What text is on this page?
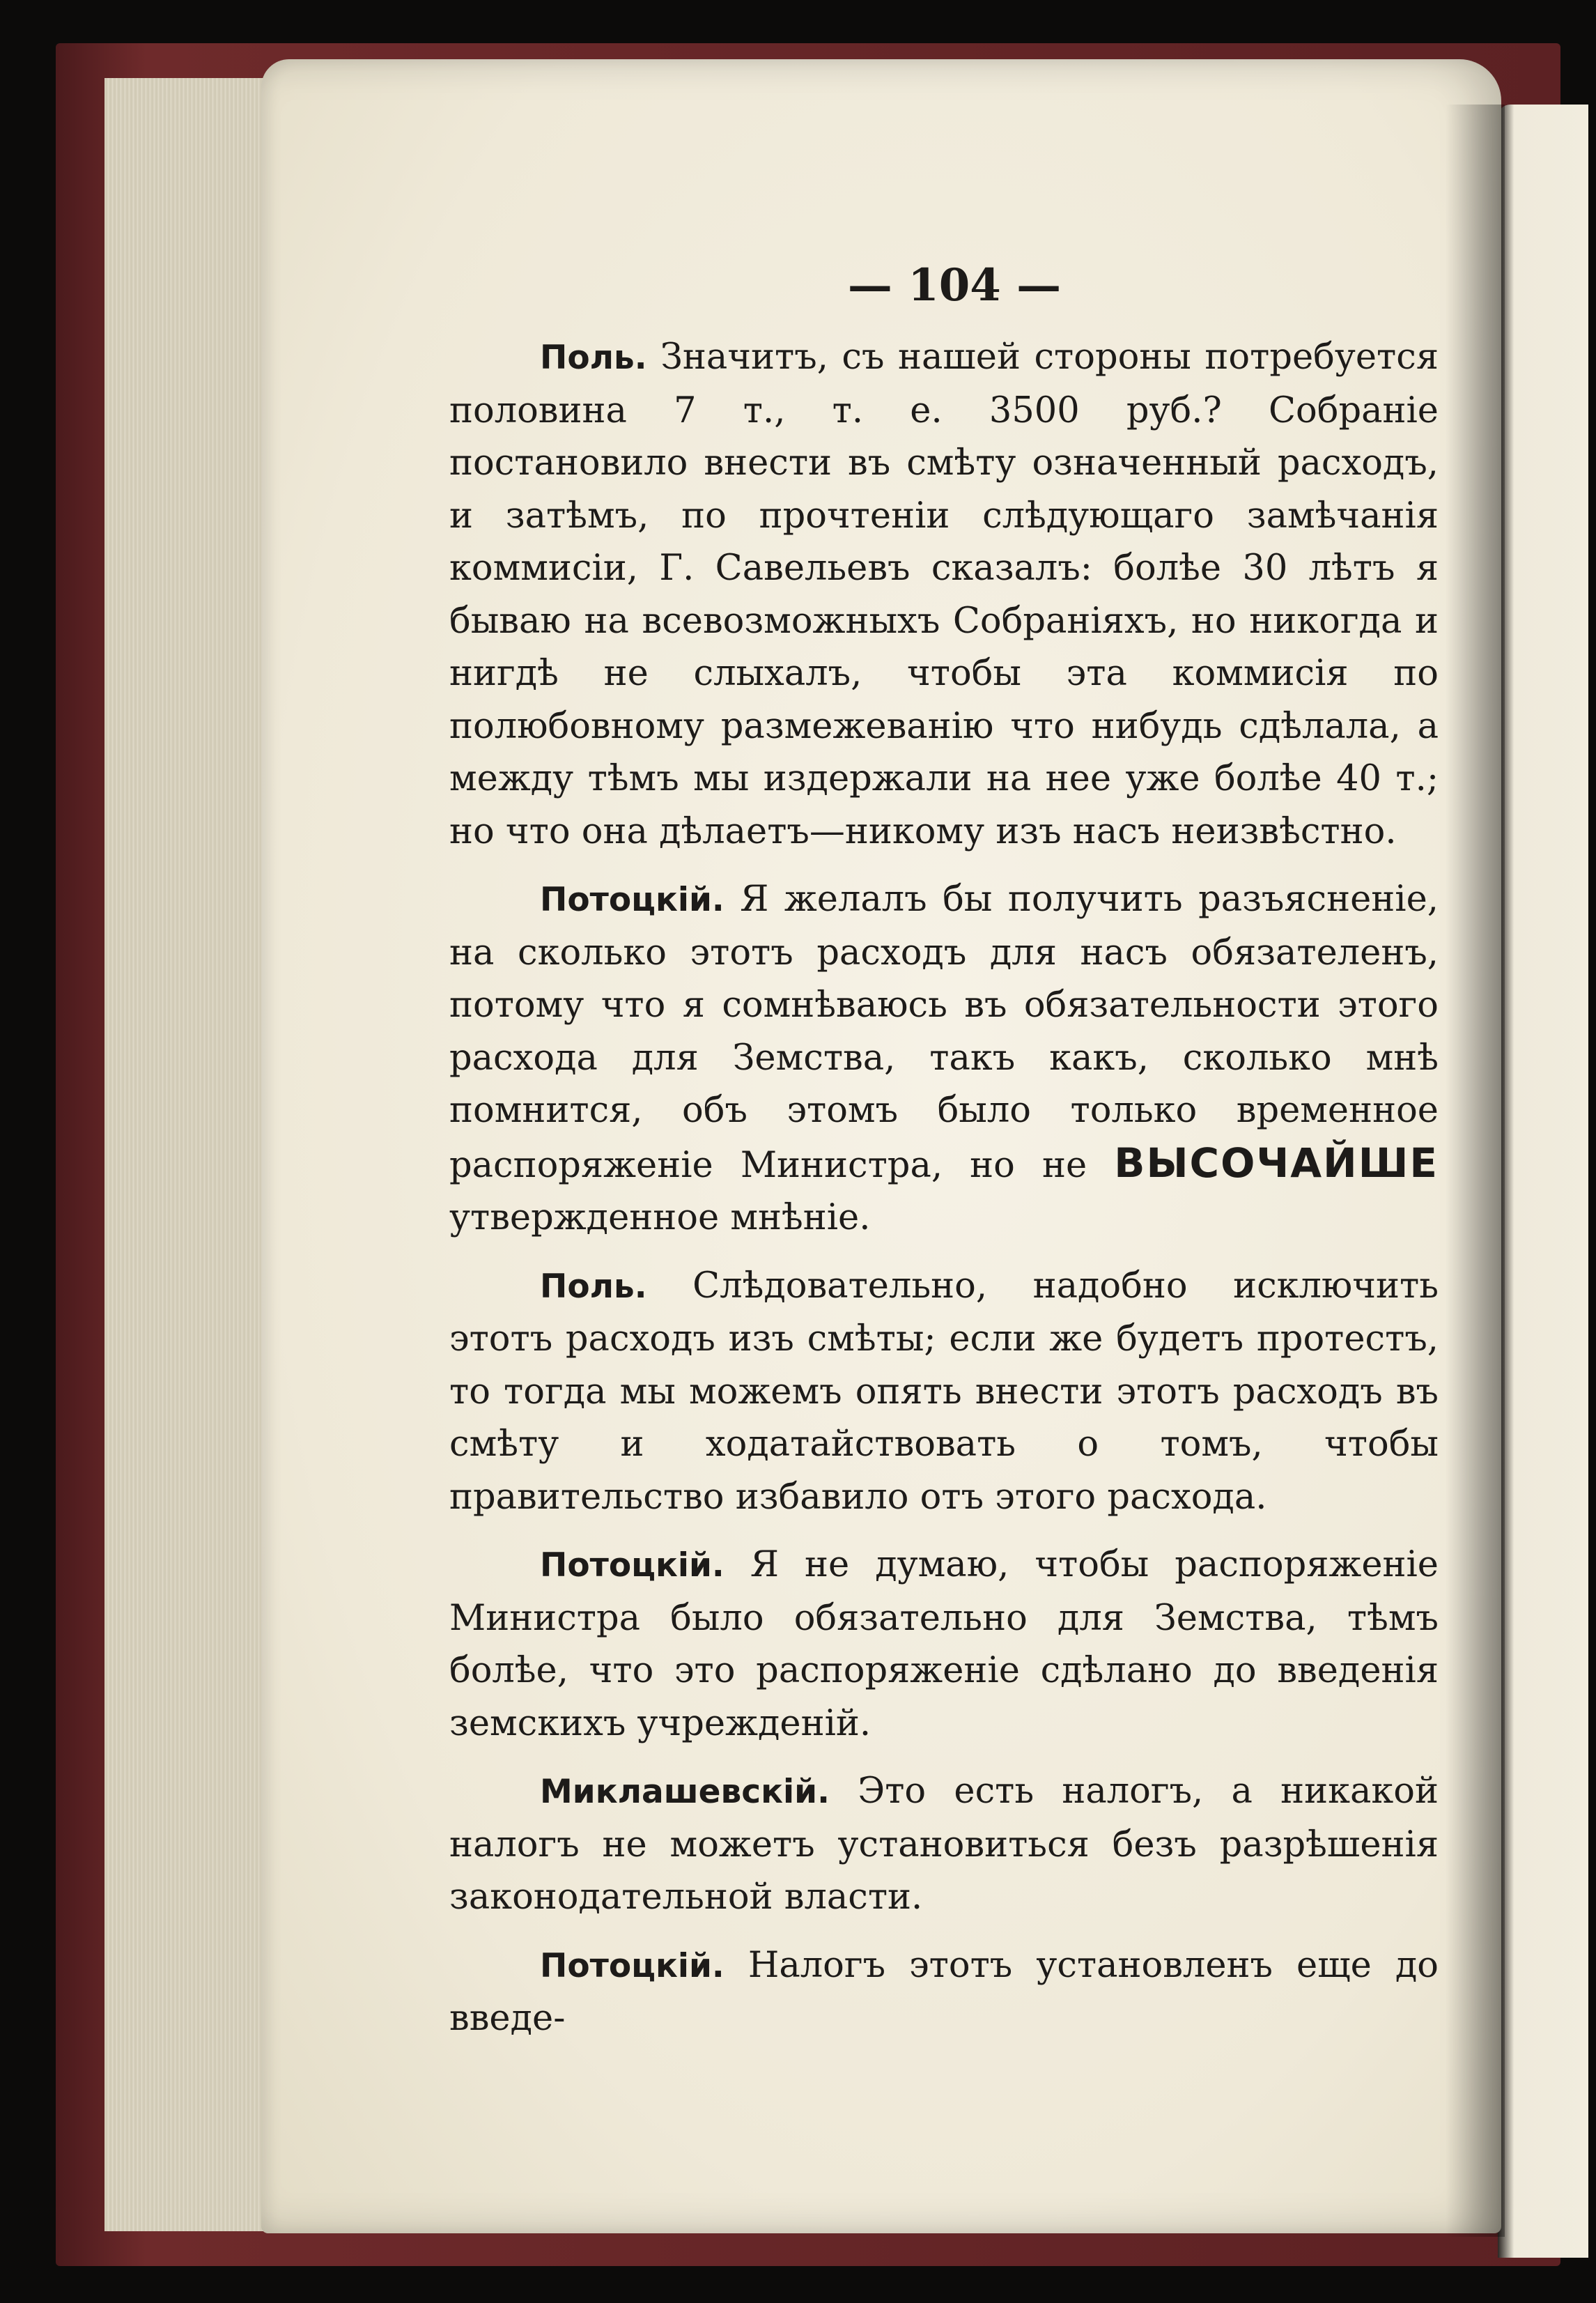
— 104 —

Поль. Значитъ, съ нашей стороны потребуется половина 7 т., т. е. 3500 руб.? Собраніе постановило внести въ смѣту означенный расходъ, и затѣмъ, по прочтеніи слѣдующаго замѣчанія коммисіи, Г. Савельевъ сказалъ: болѣе 30 лѣтъ я бываю на всевозможныхъ Собраніяхъ, но никогда и нигдѣ не слыхалъ, чтобы эта коммисія по полюбовному размежеванію что нибудь сдѣлала, а между тѣмъ мы издержали на нее уже болѣе 40 т.; но что она дѣлаетъ—никому изъ насъ неизвѣстно.

Потоцкій. Я желалъ бы получить разъясненіе, на сколько этотъ расходъ для насъ обязателенъ, потому что я сомнѣваюсь въ обязательности этого расхода для Земства, такъ какъ, сколько мнѣ помнится, объ этомъ было только временное распоряженіе Министра, но не ВЫСОЧАЙШЕ утвержденное мнѣніе.

Поль. Слѣдовательно, надобно исключить этотъ расходъ изъ смѣты; если же будетъ протестъ, то тогда мы можемъ опять внести этотъ расходъ въ смѣту и ходатайствовать о томъ, чтобы правительство избавило отъ этого расхода.

Потоцкій. Я не думаю, чтобы распоряженіе Министра было обязательно для Земства, тѣмъ болѣе, что это распоряженіе сдѣлано до введенія земскихъ учрежденій.

Миклашевскій. Это есть налогъ, а никакой налогъ не можетъ установиться безъ разрѣшенія законодательной власти.

Потоцкій. Налогъ этотъ установленъ еще до введе-
